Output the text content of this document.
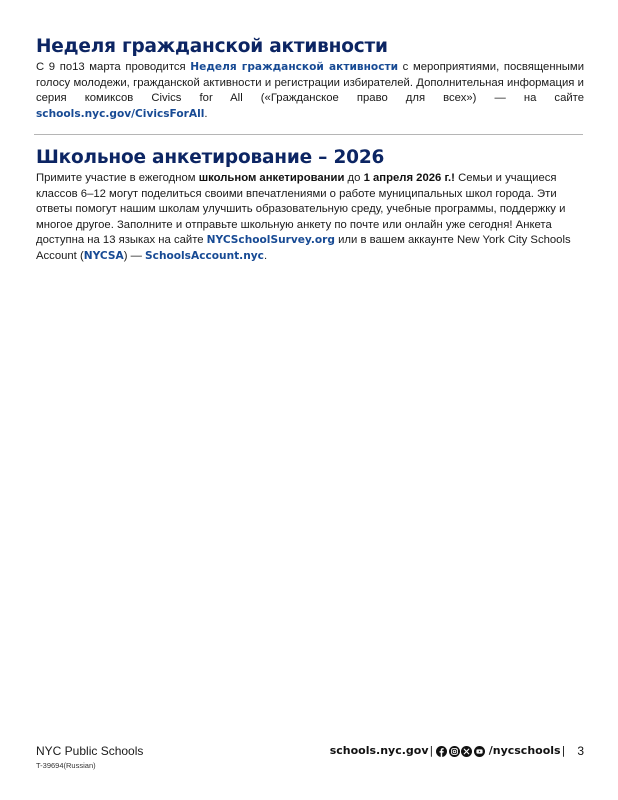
Неделя гражданской активности

С 9 по13 марта проводится Неделя гражданской активности с мероприятиями, посвященными голосу молодежи, гражданской активности и регистрации избирателей. Дополнительная информация и серия комиксов Civics for All («Гражданское право для всех») — на сайте schools.nyc.gov/CivicsForAll.

Школьное анкетирование – 2026

Примите участие в ежегодном школьном анкетировании до 1 апреля 2026 г.! Семьи и учащиеся классов 6–12 могут поделиться своими впечатлениями о работе муниципальных школ города. Эти ответы помогут нашим школам улучшить образовательную среду, учебные программы, поддержку и многое другое. Заполните и отправьте школьную анкету по почте или онлайн уже сегодня! Анкета доступна на 13 языках на сайте NYCSchoolSurvey.org или в вашем аккаунте New York City Schools Account (NYCSA) — SchoolsAccount.nyc.

NYC Public Schools
T-39694(Russian)
schools.nyc.gov |	/nycschools | 3
